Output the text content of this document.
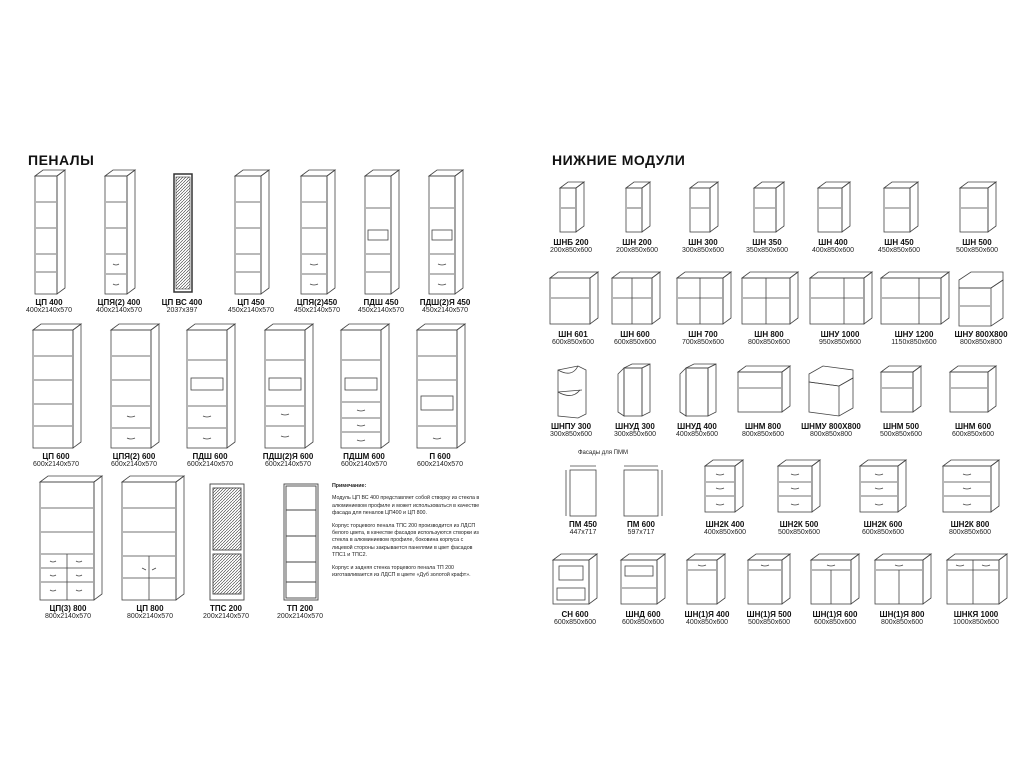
ПЕНАЛЫ	НИЖНИЕ МОДУЛИ
ЦП 400
400x2140x570
ЦПЯ(2) 400
400x2140x570
ЦП ВС 400
2037x397
ЦП 450
450x2140x570
ЦПЯ(2)450
450x2140x570
ПДШ 450
450x2140x570
ПДШ(2)Я 450
450x2140x570
ЦП 600
600x2140x570
ЦПЯ(2) 600
600x2140x570
ПДШ 600
600x2140x570
ПДШ(2)Я 600
600x2140x570
ПДШМ 600
600x2140x570
П 600
600x2140x570
ЦП(3) 800
800x2140x570
ЦП 800
800x2140x570
ТПС 200
200x2140x570
ТП 200
200x2140x570

Примечание:

Модуль ЦП ВС 400 представляет собой створку из стекла в алюминиевом профиле и может использоваться в качестве фасада для пеналов ЦП400 и ЦП 800.

Корпус торцевого пенала ТПС 200 производится из ЛДСП белого цвета, в качестве фасадов используются створки из стекла в алюминиевом профиле, боковина корпуса с лицевой стороны закрывается панелями в цвет фасадов ТПС1 и ТПС2.

Корпус и задняя стенка торцевого пенала ТП 200 изготавливается из ЛДСП в цвете «Дуб золотой крафт».

ШНБ 200
200x850x600
ШН 200
200x850x600
ШН 300
300x850x600
ШН 350
350x850x600
ШН 400
400x850x600
ШН 450
450x850x600
ШН 500
500x850x600
ШН 601
600x850x600
ШН 600
600x850x600
ШН 700
700x850x600
ШН 800
800x850x600
ШНУ 1000
950x850x600
ШНУ 1200
1150x850x600
ШНУ 800X800
800x850x800
ШНПУ 300
300x850x600
ШНУД 300
300x850x600
ШНУД 400
400x850x600
ШНМ 800
800x850x600
ШНМУ 800X800
800x850x800
ШНМ 500
500x850x600
ШНМ 600
600x850x600
Фасады для ПММ
ПМ 450
447x717
ПМ 600
597x717
ШН2К 400
400x850x600
ШН2К 500
500x850x600
ШН2К 600
600x850x600
ШН2К 800
800x850x600
СН 600
600x850x600
ШНД 600
600x850x600
ШН(1)Я 400
400x850x600
ШН(1)Я 500
500x850x600
ШН(1)Я 600
600x850x600
ШН(1)Я 800
800x850x600
ШНКЯ 1000
1000x850x600
